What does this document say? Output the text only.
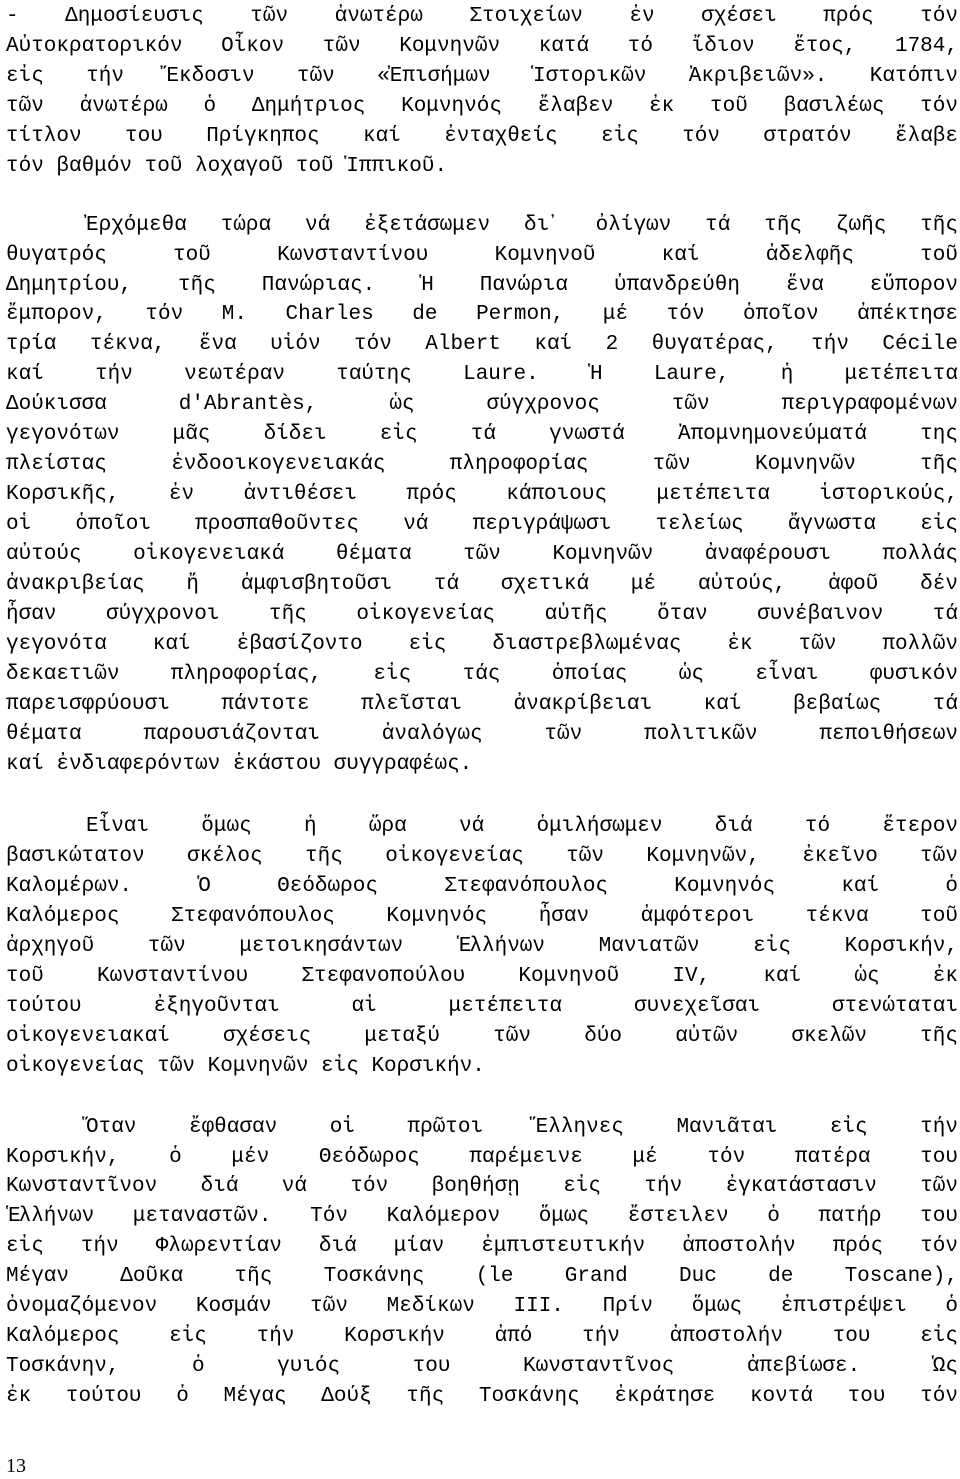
- Δημοσίευσις τῶν ἀνωτέρω Στοιχείων ἐν σχέσει πρός τόν
Αὐτοκρατορικόν Οἶκον τῶν Κομνηνῶν κατά τό ἴδιον ἔτος, 1784,
εἰς τήν Ἔκδοσιν τῶν «Ἐπισήμων Ἱστορικῶν Ἀκριβειῶν». Κατόπιν
τῶν ἀνωτέρω ὁ Δημήτριος Κομνηνός ἔλαβεν ἐκ τοῦ βασιλέως τόν
τίτλον του Πρίγκηπος καί ἐνταχθείς εἰς τόν στρατόν ἔλαβε
τόν βαθμόν τοῦ λοχαγοῦ τοῦ Ἱππικοῦ.
Ἐρχόμεθα τώρα νά ἐξετάσωμεν δι᾽ ὀλίγων τά τῆς ζωῆς τῆς
θυγατρός τοῦ Κωνσταντίνου Κομνηνοῦ καί ἀδελφῆς τοῦ
Δημητρίου, τῆς Πανώριας. Ἡ Πανώρια ὑπανδρεύθη ἕνα εὔπορον
ἔμπορον, τόν M. Charles de Permon, μέ τόν ὁποῖον ἀπέκτησε
τρία τέκνα, ἕνα υἱόν τόν Albert καί 2 θυγατέρας, τήν Cécile
καί τήν νεωτέραν ταύτης Laure. Ἡ Laure, ἡ μετέπειτα
Δούκισσα d'Abrantès, ὡς σύγχρονος τῶν περιγραφομένων
γεγονότων μᾶς δίδει εἰς τά γνωστά Ἀπομνημονεύματά της
πλείστας ἐνδοοικογενειακάς πληροφορίας τῶν Κομνηνῶν τῆς
Κορσικῆς, ἐν ἀντιθέσει πρός κάποιους μετέπειτα ἱστορικούς,
οἱ ὁποῖοι προσπαθοῦντες νά περιγράψωσι τελείως ἄγνωστα εἰς
αὐτούς οἰκογενειακά θέματα τῶν Κομνηνῶν ἀναφέρουσι πολλάς
ἀνακριβείας ἤ ἀμφισβητοῦσι τά σχετικά μέ αὐτούς, ἀφοῦ δέν
ἦσαν σύγχρονοι τῆς οἰκογενείας αὐτῆς ὅταν συνέβαινον τά
γεγονότα καί ἐβασίζοντο εἰς διαστρεβλωμένας ἐκ τῶν πολλῶν
δεκαετιῶν πληροφορίας, εἰς τάς ὁποίας ὡς εἶναι φυσικόν
παρεισφρύουσι πάντοτε πλεῖσται ἀνακρίβειαι καί βεβαίως τά
θέματα παρουσιάζονται ἀναλόγως τῶν πολιτικῶν πεποιθήσεων
καί ἐνδιαφερόντων ἑκάστου συγγραφέως.
Εἶναι ὅμως ἡ ὥρα νά ὁμιλήσωμεν διά τό ἕτερον
βασικώτατον σκέλος τῆς οἰκογενείας τῶν Κομνηνῶν, ἐκεῖνο τῶν
Καλομέρων. Ὁ Θεόδωρος Στεφανόπουλος Κομνηνός καί ὁ
Καλόμερος Στεφανόπουλος Κομνηνός ἦσαν ἀμφότεροι τέκνα τοῦ
ἀρχηγοῦ τῶν μετοικησάντων Ἑλλήνων Μανιατῶν εἰς Κορσικήν,
τοῦ Κωνσταντίνου Στεφανοπούλου Κομνηνοῦ IV, καί ὡς ἐκ
τούτου ἐξηγοῦνται αἱ μετέπειτα συνεχεῖσαι στενώταται
οἰκογενειακαί σχέσεις μεταξύ τῶν δύο αὐτῶν σκελῶν τῆς
οἰκογενείας τῶν Κομνηνῶν εἰς Κορσικήν.
Ὅταν ἔφθασαν οἱ πρῶτοι Ἕλληνες Μανιᾶται εἰς τήν
Κορσικήν, ὁ μέν Θεόδωρος παρέμεινε μέ τόν πατέρα του
Κωνσταντῖνον διά νά τόν βοηθήσῃ εἰς τήν ἐγκατάστασιν τῶν
Ἑλλήνων μεταναστῶν. Τόν Καλόμερον ὅμως ἔστειλεν ὁ πατήρ του
εἰς τήν Φλωρεντίαν διά μίαν ἐμπιστευτικήν ἀποστολήν πρός τόν
Μέγαν Δοῦκα τῆς Τοσκάνης (le Grand Duc de Toscane),
ὀνομαζόμενον Κοσμάν τῶν Μεδίκων III. Πρίν ὅμως ἐπιστρέψει ὁ
Καλόμερος εἰς τήν Κορσικήν ἀπό τήν ἀποστολήν του εἰς
Τοσκάνην, ὁ γυιός του Κωνσταντῖνος ἀπεβίωσε. Ὡς
ἐκ τούτου ὁ Μέγας Δούξ τῆς Τοσκάνης ἐκράτησε κοντά του τόν
13
